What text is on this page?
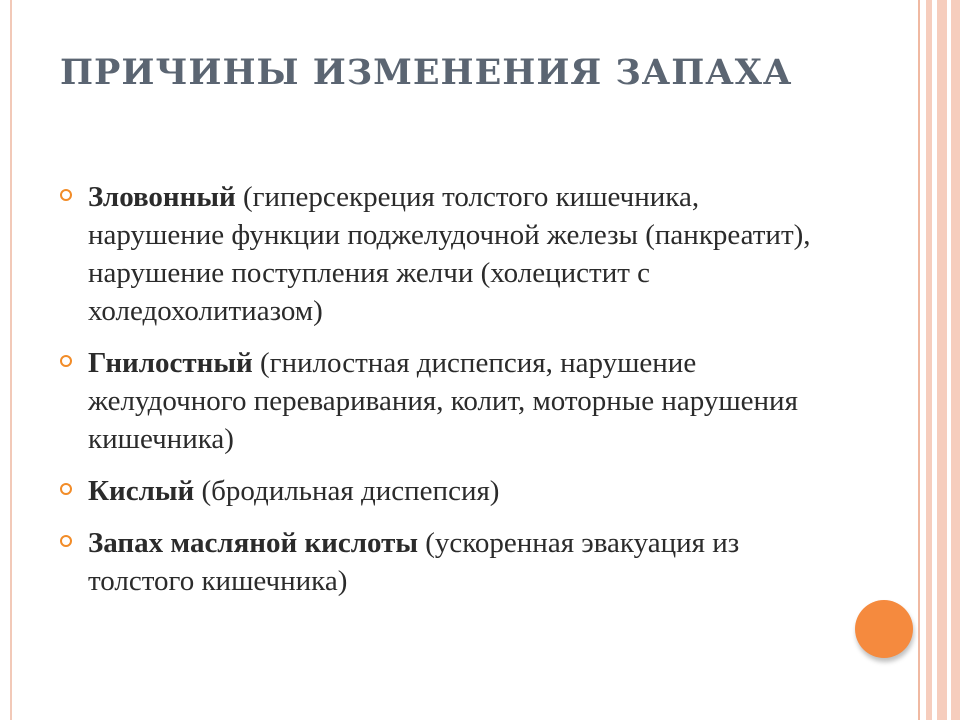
ПРИЧИНЫ ИЗМЕНЕНИЯ ЗАПАХА
Зловонный (гиперсекреция толстого кишечника, нарушение функции поджелудочной железы (панкреатит), нарушение поступления желчи (холецистит с холедохолитиазом)
Гнилостный (гнилостная диспепсия, нарушение желудочного переваривания, колит, моторные нарушения кишечника)
Кислый (бродильная диспепсия)
Запах масляной кислоты (ускоренная эвакуация из толстого кишечника)
